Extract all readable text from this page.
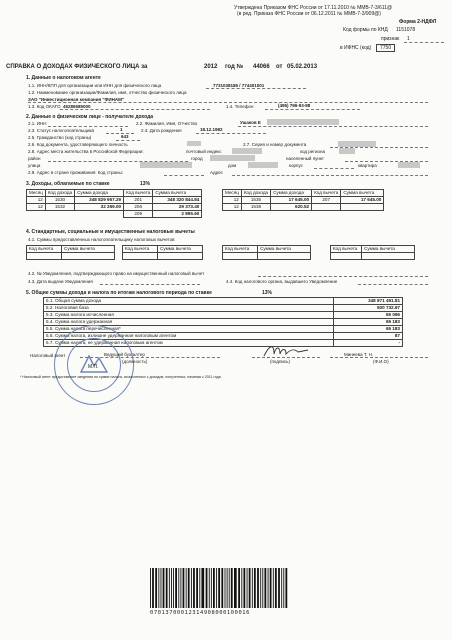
Утверждена Приказом ФНС России от 17.11.2010 № ММВ-7-3/611@
(в ред. Приказа ФНС России от 06.12.2011 № ММВ-7-3/909@)
Форма 2-НДФЛ
Код формы по КНД 1151078
признак 1
в ИФНС (код)	7750
СПРАВКА О ДОХОДАХ ФИЗИЧЕСКОГО ЛИЦА за	2012 год № 44066 от 05.02.2013
1. Данные о налоговом агенте
1.1. ИНН/КПП для организации или ИНН для физического лица	7731038186 / 774401001
1.2. Наименование организации/Фамилия, имя, отчество физического лица
ЗАО "Инвестиционная компания "ФИНАМ"
1.3. Код ОКАТО 45286585000	1.4. Телефон	(495) 796-93-88
2. Данные о физическом лице - получателе дохода
2.1. ИНН	2.2. Фамилия, Имя, Отчество	Ушаков Е
2.3. Статус налогоплательщика	1	2.4. Дата рождения	18.12.1982
2.5. Гражданство (код страны)	643
2.6. Код документа, удостоверяющего личность	2.7. Серия и номер документа
2.8. Адрес места жительства в Российской Федерации:	почтовый индекс	код региона
район	город	населенный пункт
улица	дом	корпус	квартира
2.9. Адрес в стране проживания: Код страны:	Адрес
3. Доходы, облагаемые по ставке	13%
Месяц	Код дохода	Сумма дохода	Код вычета	Сумма вычета
12	1530	348 829 957.29	201	348 320 844.84
12	1532	32 269.00	206	29 373.40
			209	2 895.60
Месяц	Код дохода	Сумма дохода	Код вычета	Сумма вычета
12	1535	17 645.00	207	17 645.00
12	1538	620.52		
4. Стандартные, социальные и имущественные налоговые вычеты
4.1. Суммы предоставленных налогоплательщику налоговых вычетов
Код вычета	Сумма вычета
		Код вычета	Сумма вычета
		Код вычета	Сумма вычета
		Код вычета	Сумма вычета

4.2. № Уведомления, подтверждающего право на имущественный налоговый вычет
4.3. Дата выдачи Уведомления	4.4. Код налогового органа, выдавшего Уведомление
5. Общие суммы дохода и налога по итогам налогового периода по ставке	13%
5.1. Общая сумма дохода	348 871 491.81
5.2. Налоговая база	500 732.97
5.3. Сумма налога исчисленная	65 096
5.4. Сумма налога удержанная	65 183
5.5. Сумма налога перечисленная*	65 183
5.6. Сумма налога, излишне удержанная налоговым агентом	87
5.7. Сумма налога, не удержанная налоговым агентом	-
Налоговый агент	Ведущий бухгалтер
(должность)	(подпись)
Минеева Т. Н.
(Ф.И.О)
М.П.
* Налоговый агент предоставляет сведения по сумме налога, исчисленных с доходов, полученных, начиная с 2011 года
07013700012314908000100016
